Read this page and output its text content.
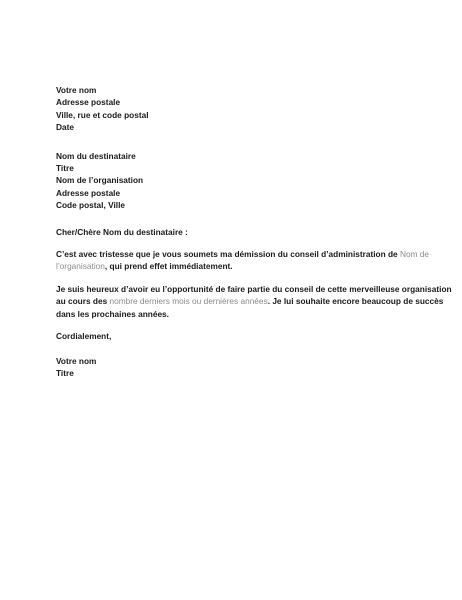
Votre nom
Adresse postale
Ville, rue et code postal
Date
Nom du destinataire
Titre
Nom de l’organisation
Adresse postale
Code postal, Ville
Cher/Chère Nom du destinataire :
C’est avec tristesse que je vous soumets ma démission du conseil d’administration de Nom de
l’organisation, qui prend effet immédiatement.
Je suis heureux d’avoir eu l’opportunité de faire partie du conseil de cette merveilleuse organisation
au cours des nombre derniers mois ou dernières années. Je lui souhaite encore beaucoup de succès
dans les prochaines années.
Cordialement,
Votre nom
Titre
